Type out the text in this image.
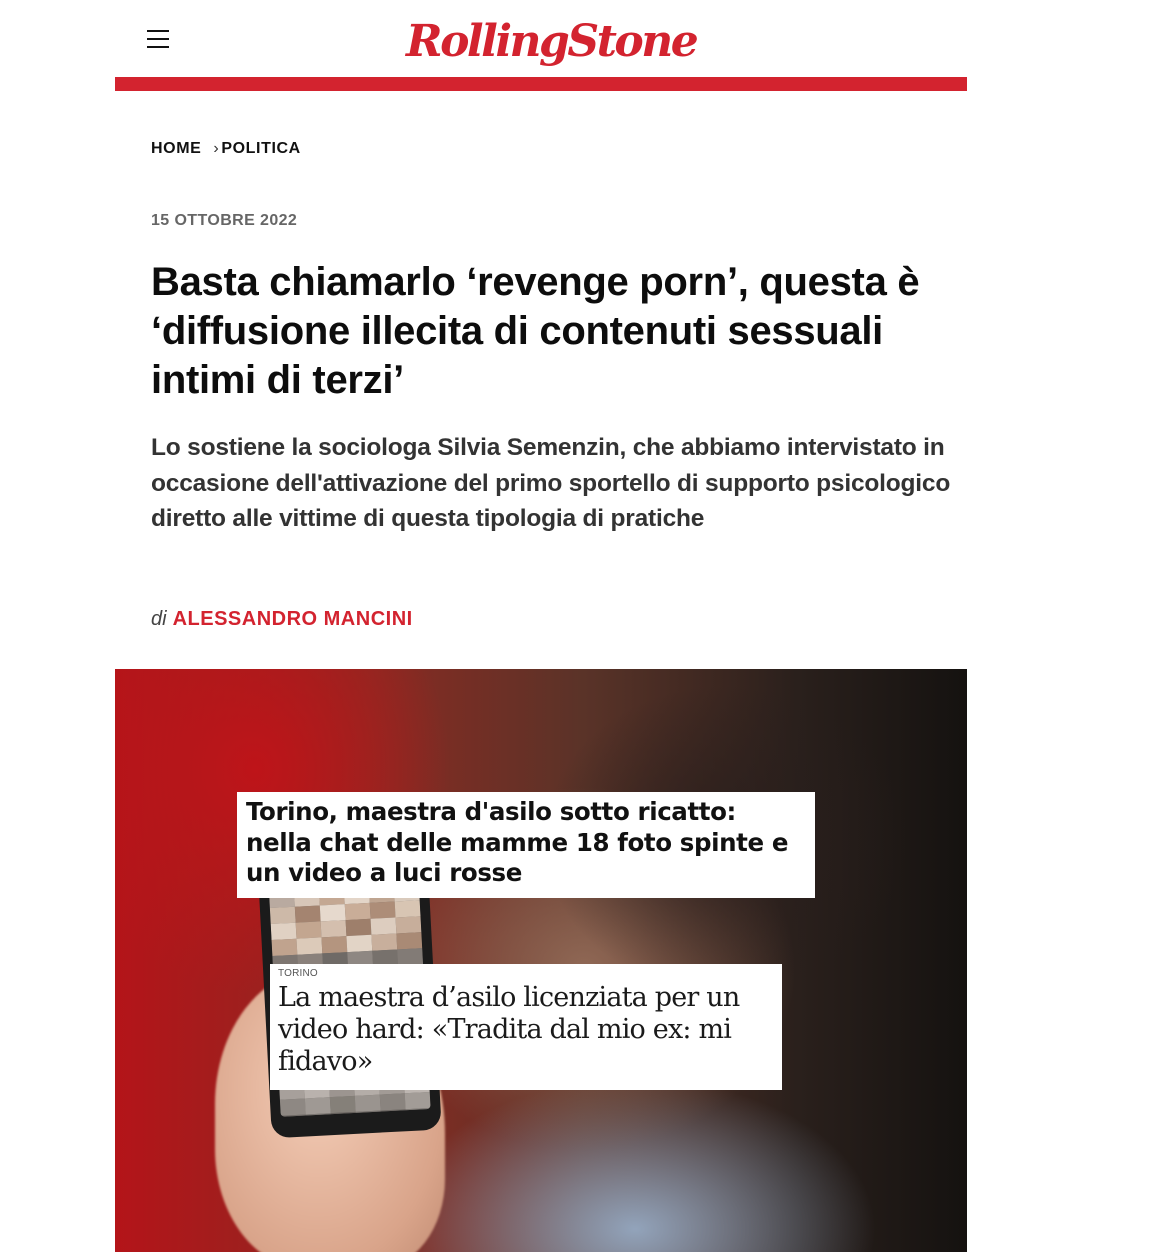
RollingStone
HOME › POLITICA
15 OTTOBRE 2022
Basta chiamarlo ‘revenge porn’, questa è ‘diffusione illecita di contenuti sessuali intimi di terzi’

Lo sostiene la sociologa Silvia Semenzin, che abbiamo intervistato in occasione dell'attivazione del primo sportello di supporto psicologico diretto alle vittime di questa tipologia di pratiche

di ALESSANDRO MANCINI
Torino, maestra d'asilo sotto ricatto: nella chat delle mamme 18 foto spinte e un video a luci rosse
TORINO
La maestra d’asilo licenziata per un video hard: «Tradita dal mio ex: mi fidavo»
